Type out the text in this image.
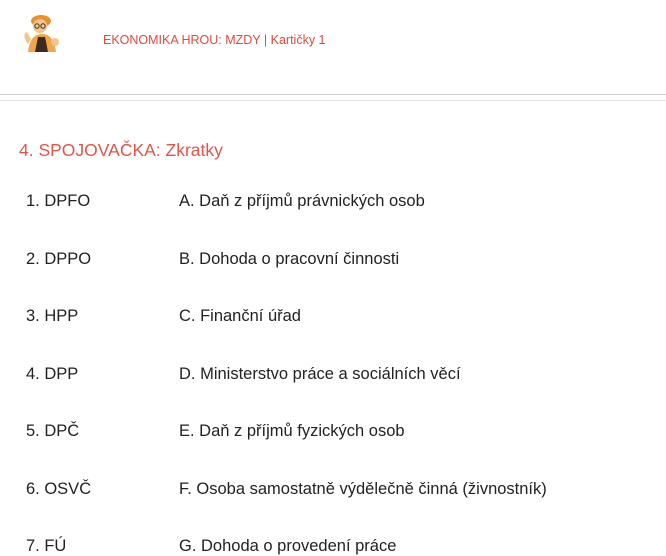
EKONOMIKA HROU: MZDY | Kartičky 1
4. SPOJOVAČKA: Zkratky
1. DPFO	A. Daň z příjmů právnických osob
2. DPPO	B. Dohoda o pracovní činnosti
3. HPP	C. Finanční úřad
4. DPP	D. Ministerstvo práce a sociálních věcí
5. DPČ	E. Daň z příjmů fyzických osob
6. OSVČ	F. Osoba samostatně výdělečně činná (živnostník)
7. FÚ	G. Dohoda o provedení práce
